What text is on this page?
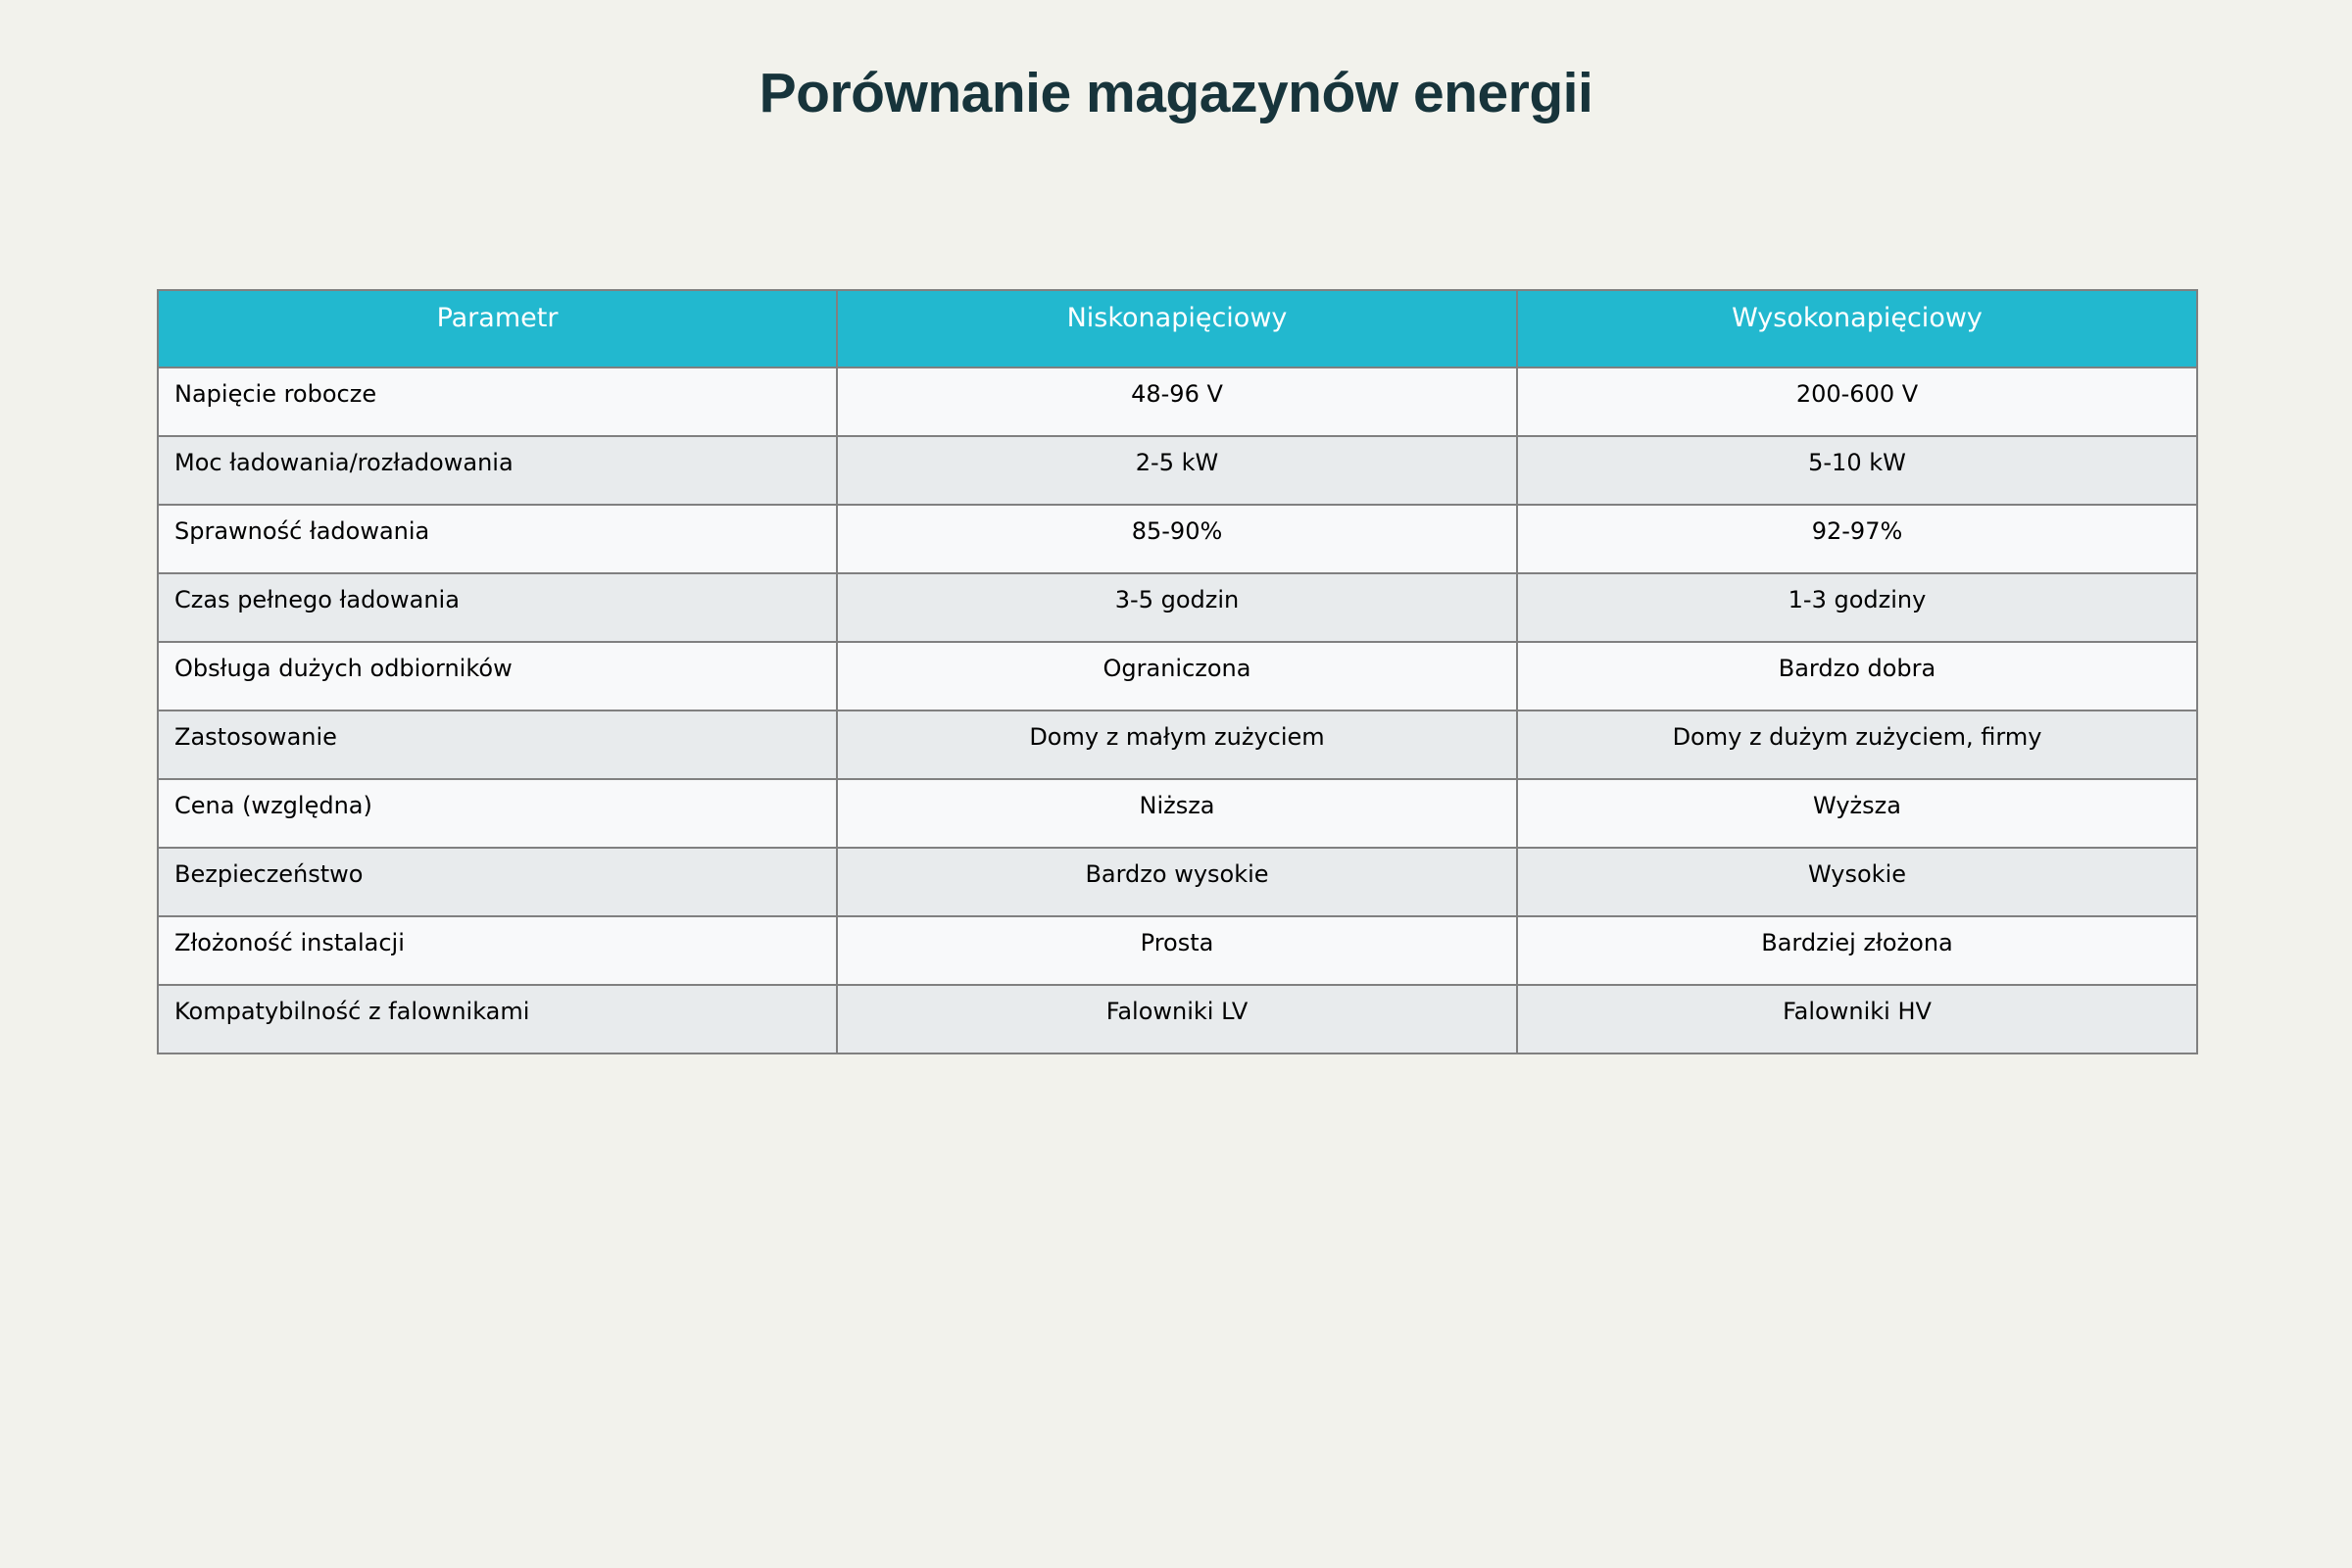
Porównanie magazynów energii
Parametr	Niskonapięciowy	Wysokonapięciowy
Napięcie robocze	48-96 V	200-600 V
Moc ładowania/rozładowania	2-5 kW	5-10 kW
Sprawność ładowania	85-90%	92-97%
Czas pełnego ładowania	3-5 godzin	1-3 godziny
Obsługa dużych odbiorników	Ograniczona	Bardzo dobra
Zastosowanie	Domy z małym zużyciem	Domy z dużym zużyciem, firmy
Cena (względna)	Niższa	Wyższa
Bezpieczeństwo	Bardzo wysokie	Wysokie
Złożoność instalacji	Prosta	Bardziej złożona
Kompatybilność z falownikami	Falowniki LV	Falowniki HV
